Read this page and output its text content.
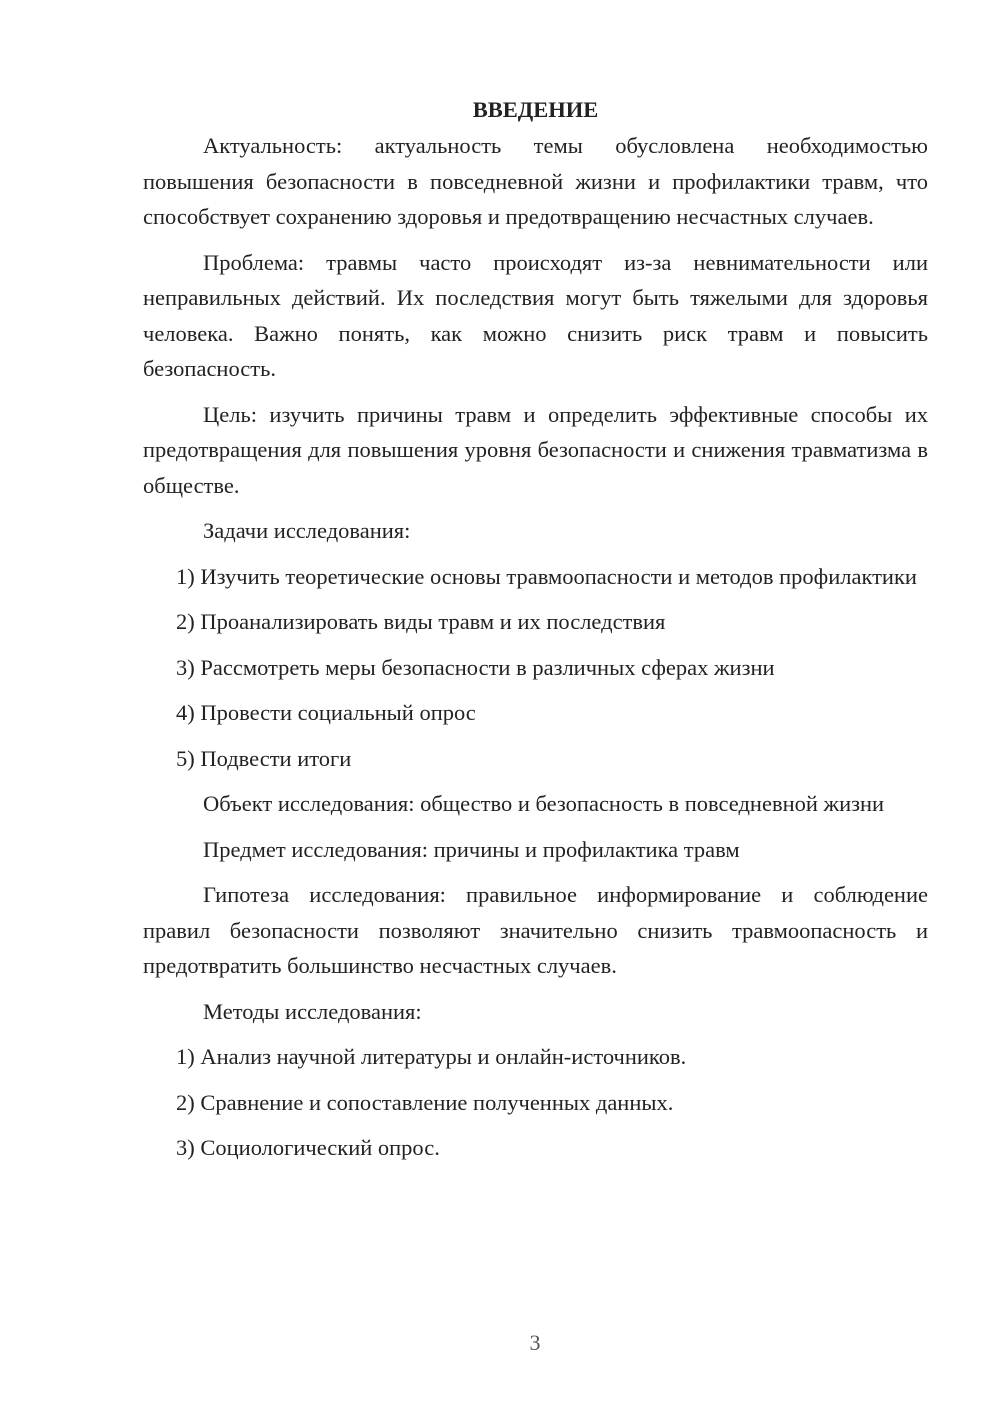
ВВЕДЕНИЕ

Актуальность: актуальность темы обусловлена необходимостью повышения безопасности в повседневной жизни и профилактики травм, что способствует сохранению здоровья и предотвращению несчастных случаев.

Проблема: травмы часто происходят из-за невнимательности или неправильных действий. Их последствия могут быть тяжелыми для здоровья человека. Важно понять, как можно снизить риск травм и повысить безопасность.

Цель: изучить причины травм и определить эффективные способы их предотвращения для повышения уровня безопасности и снижения травматизма в обществе.

Задачи исследования:

1) Изучить теоретические основы травмоопасности и методов профилактики

2) Проанализировать виды травм и их последствия

3) Рассмотреть меры безопасности в различных сферах жизни

4) Провести социальный опрос

5) Подвести итоги

Объект исследования: общество и безопасность в повседневной жизни

Предмет исследования: причины и профилактика травм

Гипотеза исследования: правильное информирование и соблюдение правил безопасности позволяют значительно снизить травмоопасность и предотвратить большинство несчастных случаев.

Методы исследования:

1) Анализ научной литературы и онлайн-источников.

2) Сравнение и сопоставление полученных данных.

3) Социологический опрос.

3
